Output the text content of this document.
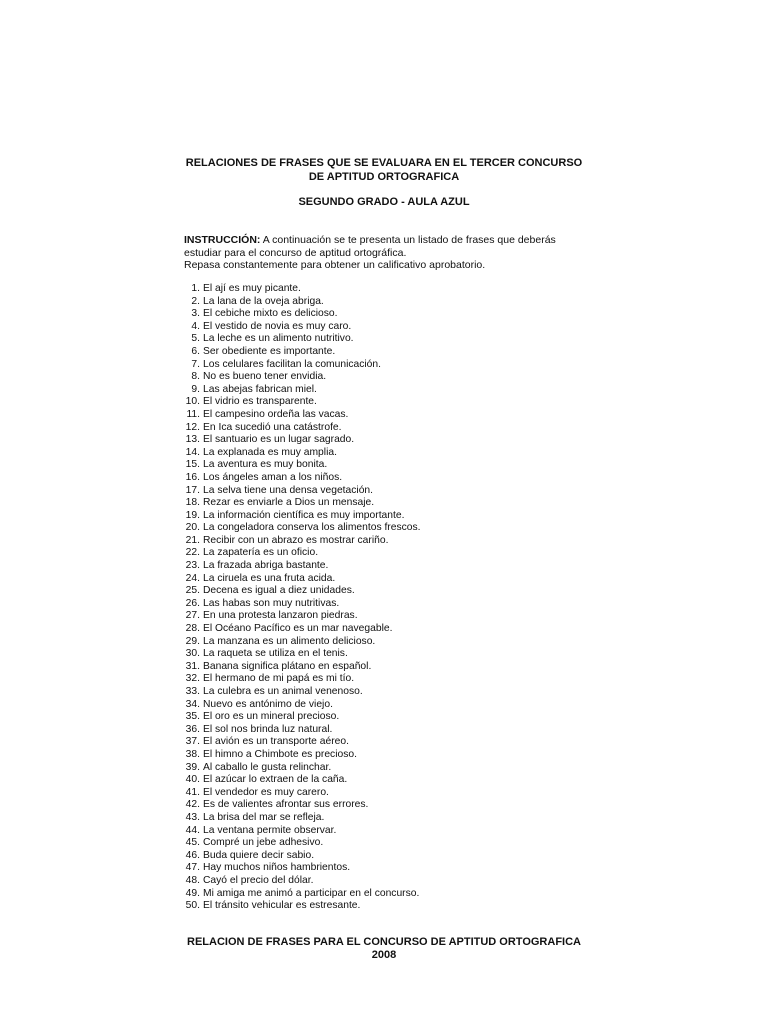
RELACIONES DE FRASES QUE SE EVALUARA EN EL TERCER CONCURSO
DE APTITUD ORTOGRAFICA
SEGUNDO GRADO - AULA AZUL
INSTRUCCIÓN: A continuación se te presenta un listado de frases que deberás
estudiar para el concurso de aptitud ortográfica.
Repasa constantemente para obtener un calificativo aprobatorio.
1. El ají es muy picante.
2. La lana de la oveja abriga.
3. El cebiche mixto es delicioso.
4. El vestido de novia es muy caro.
5. La leche es un alimento nutritivo.
6. Ser obediente es importante.
7. Los celulares facilitan la comunicación.
8. No es bueno tener envidia.
9. Las abejas fabrican miel.
10. El vidrio es transparente.
11. El campesino ordeña las vacas.
12. En Ica sucedió una catástrofe.
13. El santuario es un lugar sagrado.
14. La explanada es muy amplia.
15. La aventura es muy bonita.
16. Los ángeles aman a los niños.
17. La selva tiene una densa vegetación.
18. Rezar es enviarle a Dios un mensaje.
19. La información científica es muy importante.
20. La congeladora conserva los alimentos frescos.
21. Recibir con un abrazo es mostrar cariño.
22. La zapatería es un oficio.
23. La frazada abriga bastante.
24. La ciruela es una fruta acida.
25. Decena es igual a diez unidades.
26. Las habas son muy nutritivas.
27. En una protesta lanzaron piedras.
28. El Océano Pacífico es un mar navegable.
29. La manzana es un alimento delicioso.
30. La raqueta se utiliza en el tenis.
31. Banana significa plátano en español.
32. El hermano de mi papá es mi tío.
33. La culebra es un animal venenoso.
34. Nuevo es antónimo de viejo.
35. El oro es un mineral precioso.
36. El sol nos brinda luz natural.
37. El avión es un transporte aéreo.
38. El himno a Chimbote es precioso.
39. Al caballo le gusta relinchar.
40. El azúcar lo extraen de la caña.
41. El vendedor es muy carero.
42. Es de valientes afrontar sus errores.
43. La brisa del mar se refleja.
44. La ventana permite observar.
45. Compré un jebe adhesivo.
46. Buda quiere decir sabio.
47. Hay muchos niños hambrientos.
48. Cayó el precio del dólar.
49. Mi amiga me animó a participar en el concurso.
50. El tránsito vehicular es estresante.
RELACION DE FRASES PARA EL CONCURSO DE APTITUD ORTOGRAFICA
2008
